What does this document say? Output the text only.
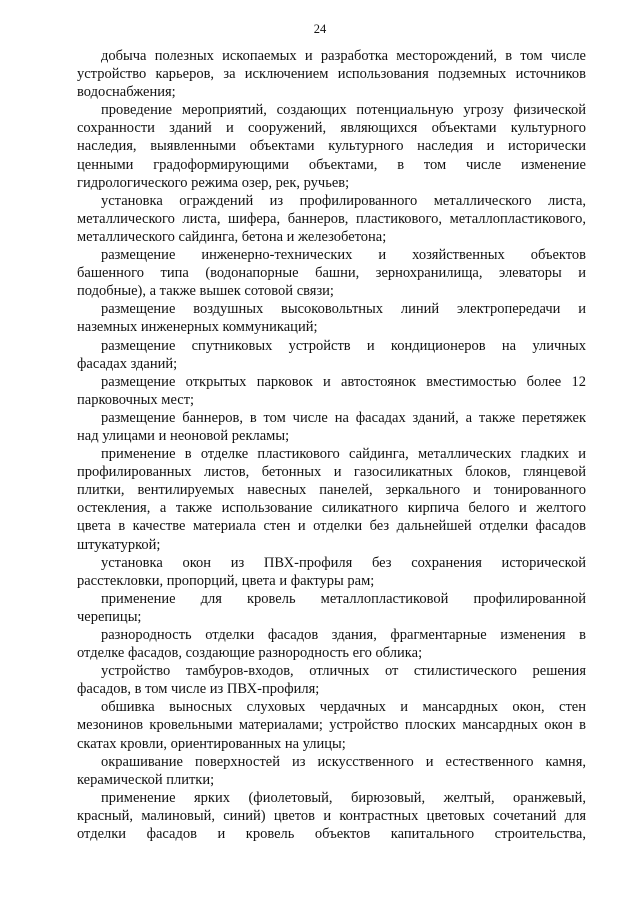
24
добыча полезных ископаемых и разработка месторождений, в том числе
устройство карьеров, за исключением использования подземных источников
водоснабжения;
проведение мероприятий, создающих потенциальную угрозу физической
сохранности зданий и сооружений, являющихся объектами культурного
наследия, выявленными объектами культурного наследия и исторически
ценными градоформирующими объектами, в том числе изменение
гидрологического режима озер, рек, ручьев;
установка ограждений из профилированного металлического листа,
металлического листа, шифера, баннеров, пластикового, металлопластикового,
металлического сайдинга, бетона и железобетона;
размещение инженерно-технических и хозяйственных объектов
башенного типа (водонапорные башни, зернохранилища, элеваторы и
подобные), а также вышек сотовой связи;
размещение воздушных высоковольтных линий электропередачи и
наземных инженерных коммуникаций;
размещение спутниковых устройств и кондиционеров на уличных
фасадах зданий;
размещение открытых парковок и автостоянок вместимостью более 12
парковочных мест;
размещение баннеров, в том числе на фасадах зданий, а также перетяжек
над улицами и неоновой рекламы;
применение в отделке пластикового сайдинга, металлических гладких и
профилированных листов, бетонных и газосиликатных блоков, глянцевой
плитки, вентилируемых навесных панелей, зеркального и тонированного
остекления, а также использование силикатного кирпича белого и желтого
цвета в качестве материала стен и отделки без дальнейшей отделки фасадов
штукатуркой;
установка окон из ПВХ-профиля без сохранения исторической
расстекловки, пропорций, цвета и фактуры рам;
применение для кровель металлопластиковой профилированной
черепицы;
разнородность отделки фасадов здания, фрагментарные изменения в
отделке фасадов, создающие разнородность его облика;
устройство тамбуров-входов, отличных от стилистического решения
фасадов, в том числе из ПВХ-профиля;
обшивка выносных слуховых чердачных и мансардных окон, стен
мезонинов кровельными материалами; устройство плоских мансардных окон в
скатах кровли, ориентированных на улицы;
окрашивание поверхностей из искусственного и естественного камня,
керамической плитки;
применение ярких (фиолетовый, бирюзовый, желтый, оранжевый,
красный, малиновый, синий) цветов и контрастных цветовых сочетаний для
отделки фасадов и кровель объектов капитального строительства,
